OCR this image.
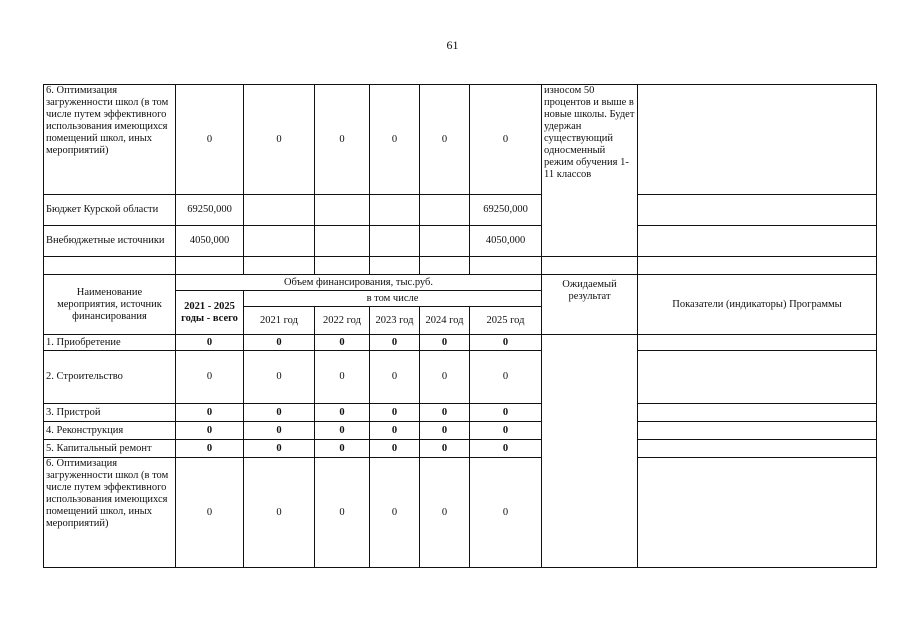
61
6. Оптимизация загруженности школ (в том числе путем эффективного использования имеющихся помещений школ, иных мероприятий)	0	0	0	0	0	0	износом 50 процентов и выше в новые школы. Будет удержан существующий односменный режим обучения 1-11 классов	
Бюджет Курской области	69250,000					69250,000		
Внебюджетные источники	4050,000					4050,000		

Наименование мероприятия, источник финансирования	Объем финансирования, тыс.руб.						Ожидаемый результат	Показатели (индикаторы) Программы
	2021 - 2025 годы - всего	в том числе						
		2021 год	2022 год	2023 год	2024 год	2025 год		
1. Приобретение	0	0	0	0	0	0		
2. Строительство	0	0	0	0	0	0		
3. Пристрой	0	0	0	0	0	0		
4. Реконструкция	0	0	0	0	0	0		
5. Капитальный ремонт	0	0	0	0	0	0		
6. Оптимизация загруженности школ (в том числе путем эффективного использования имеющихся помещений школ, иных мероприятий)	0	0	0	0	0	0		
